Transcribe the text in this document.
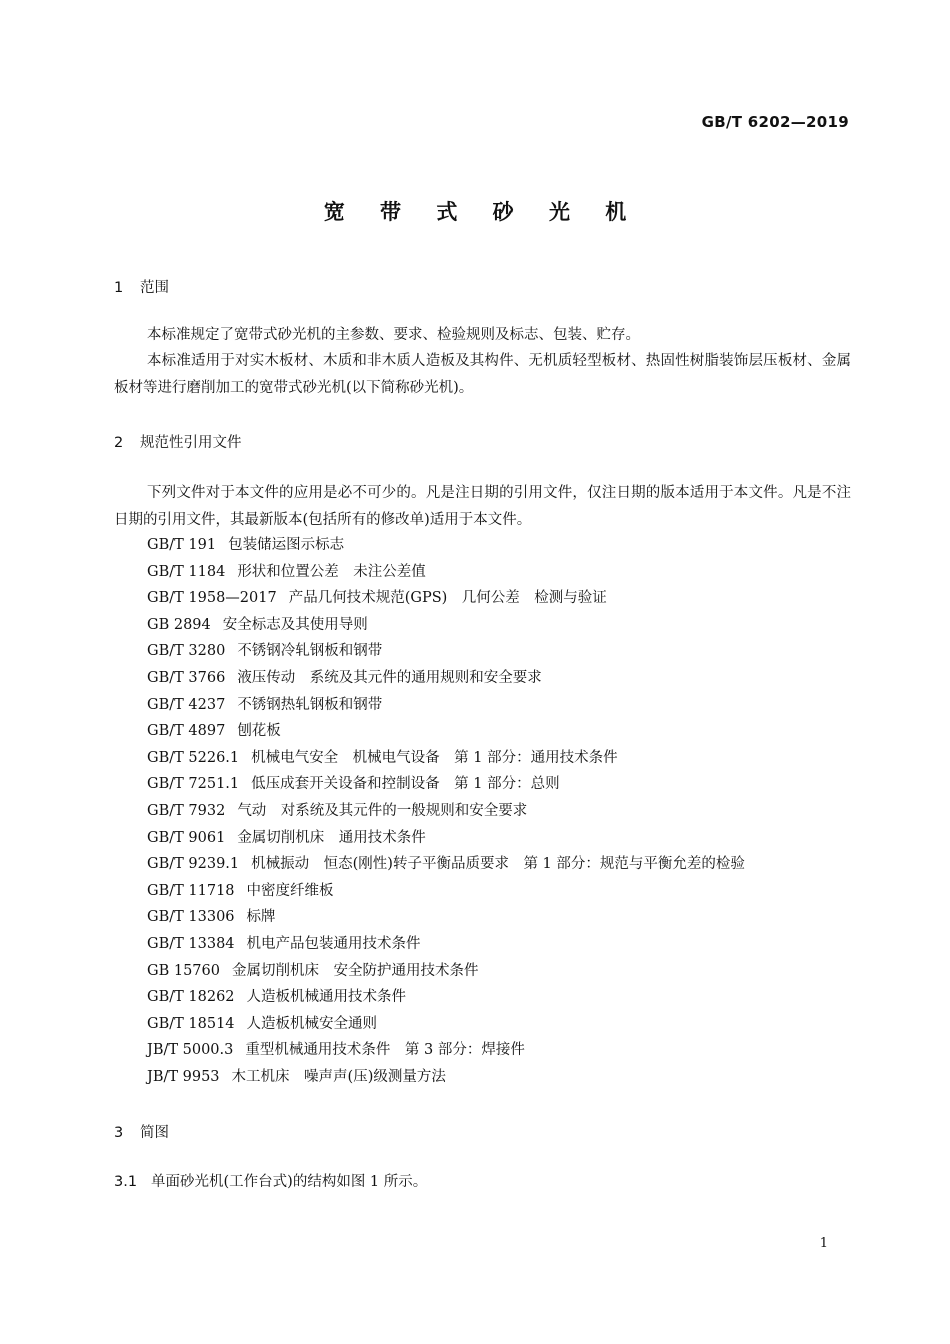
GB/T 6202—2019
宽 带 式 砂 光 机
1 范围
本标准规定了宽带式砂光机的主参数、要求、检验规则及标志、包装、贮存。
本标准适用于对实木板材、木质和非木质人造板及其构件、无机质轻型板材、热固性树脂装饰层压板材、金属板材等进行磨削加工的宽带式砂光机(以下简称砂光机)。
2 规范性引用文件
下列文件对于本文件的应用是必不可少的。凡是注日期的引用文件，仅注日期的版本适用于本文件。凡是不注日期的引用文件，其最新版本(包括所有的修改单)适用于本文件。
GB/T 191 包装储运图示标志
GB/T 1184 形状和位置公差　未注公差值
GB/T 1958—2017 产品几何技术规范(GPS)　几何公差　检测与验证
GB 2894 安全标志及其使用导则
GB/T 3280 不锈钢冷轧钢板和钢带
GB/T 3766 液压传动　系统及其元件的通用规则和安全要求
GB/T 4237 不锈钢热轧钢板和钢带
GB/T 4897 刨花板
GB/T 5226.1 机械电气安全　机械电气设备　第 1 部分：通用技术条件
GB/T 7251.1 低压成套开关设备和控制设备　第 1 部分：总则
GB/T 7932 气动　对系统及其元件的一般规则和安全要求
GB/T 9061 金属切削机床　通用技术条件
GB/T 9239.1 机械振动　恒态(刚性)转子平衡品质要求　第 1 部分：规范与平衡允差的检验
GB/T 11718 中密度纤维板
GB/T 13306 标牌
GB/T 13384 机电产品包装通用技术条件
GB 15760 金属切削机床　安全防护通用技术条件
GB/T 18262 人造板机械通用技术条件
GB/T 18514 人造板机械安全通则
JB/T 5000.3 重型机械通用技术条件　第 3 部分：焊接件
JB/T 9953 木工机床　噪声声(压)级测量方法
3 简图
3.1 单面砂光机(工作台式)的结构如图 1 所示。
1
